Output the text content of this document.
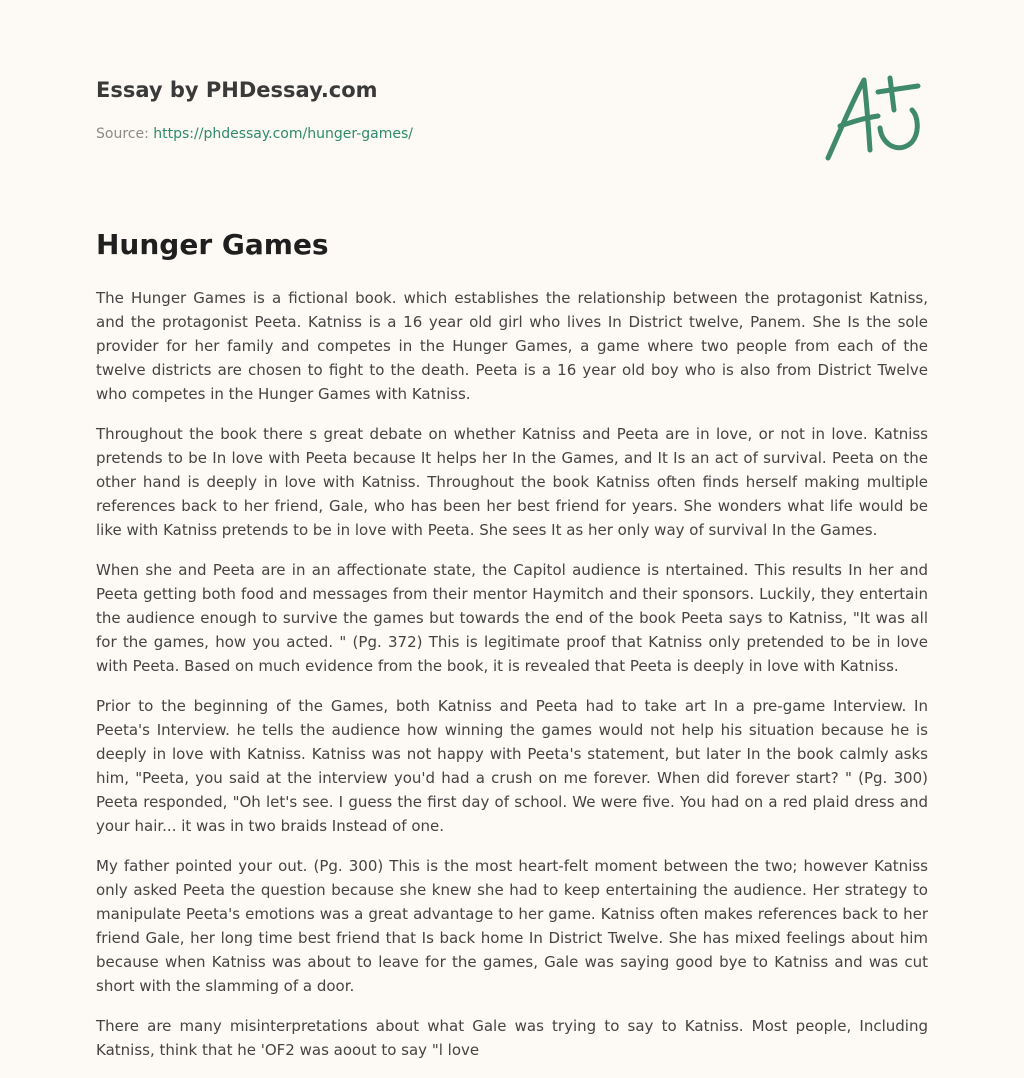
Essay by PHDessay.com
Source: https://phdessay.com/hunger-games/
Hunger Games

The Hunger Games is a fictional book. which establishes the relationship between the protagonist Katniss, and the protagonist Peeta. Katniss is a 16 year old girl who lives In District twelve, Panem. She Is the sole provider for her family and competes in the Hunger Games, a game where two people from each of the twelve districts are chosen to fight to the death. Peeta is a 16 year old boy who is also from District Twelve who competes in the Hunger Games with Katniss.

Throughout the book there s great debate on whether Katniss and Peeta are in love, or not in love. Katniss pretends to be In love with Peeta because It helps her In the Games, and It Is an act of survival. Peeta on the other hand is deeply in love with Katniss. Throughout the book Katniss often finds herself making multiple references back to her friend, Gale, who has been her best friend for years. She wonders what life would be like with Katniss pretends to be in love with Peeta. She sees It as her only way of survival In the Games.

When she and Peeta are in an affectionate state, the Capitol audience is ntertained. This results In her and Peeta getting both food and messages from their mentor Haymitch and their sponsors. Luckily, they entertain the audience enough to survive the games but towards the end of the book Peeta says to Katniss, "It was all for the games, how you acted. " (Pg. 372) This is legitimate proof that Katniss only pretended to be in love with Peeta. Based on much evidence from the book, it is revealed that Peeta is deeply in love with Katniss.

Prior to the beginning of the Games, both Katniss and Peeta had to take art In a pre-game Interview. In Peeta's Interview. he tells the audience how winning the games would not help his situation because he is deeply in love with Katniss. Katniss was not happy with Peeta's statement, but later In the book calmly asks him, "Peeta, you said at the interview you'd had a crush on me forever. When did forever start? " (Pg. 300) Peeta responded, "Oh let's see. I guess the first day of school. We were five. You had on a red plaid dress and your hair... it was in two braids Instead of one.

My father pointed your out. (Pg. 300) This is the most heart-felt moment between the two; however Katniss only asked Peeta the question because she knew she had to keep entertaining the audience. Her strategy to manipulate Peeta's emotions was a great advantage to her game. Katniss often makes references back to her friend Gale, her long time best friend that Is back home In District Twelve. She has mixed feelings about him because when Katniss was about to leave for the games, Gale was saying good bye to Katniss and was cut short with the slamming of a door.

There are many misinterpretations about what Gale was trying to say to Katniss. Most people, Including Katniss, think that he 'OF2 was aoout to say "l love
